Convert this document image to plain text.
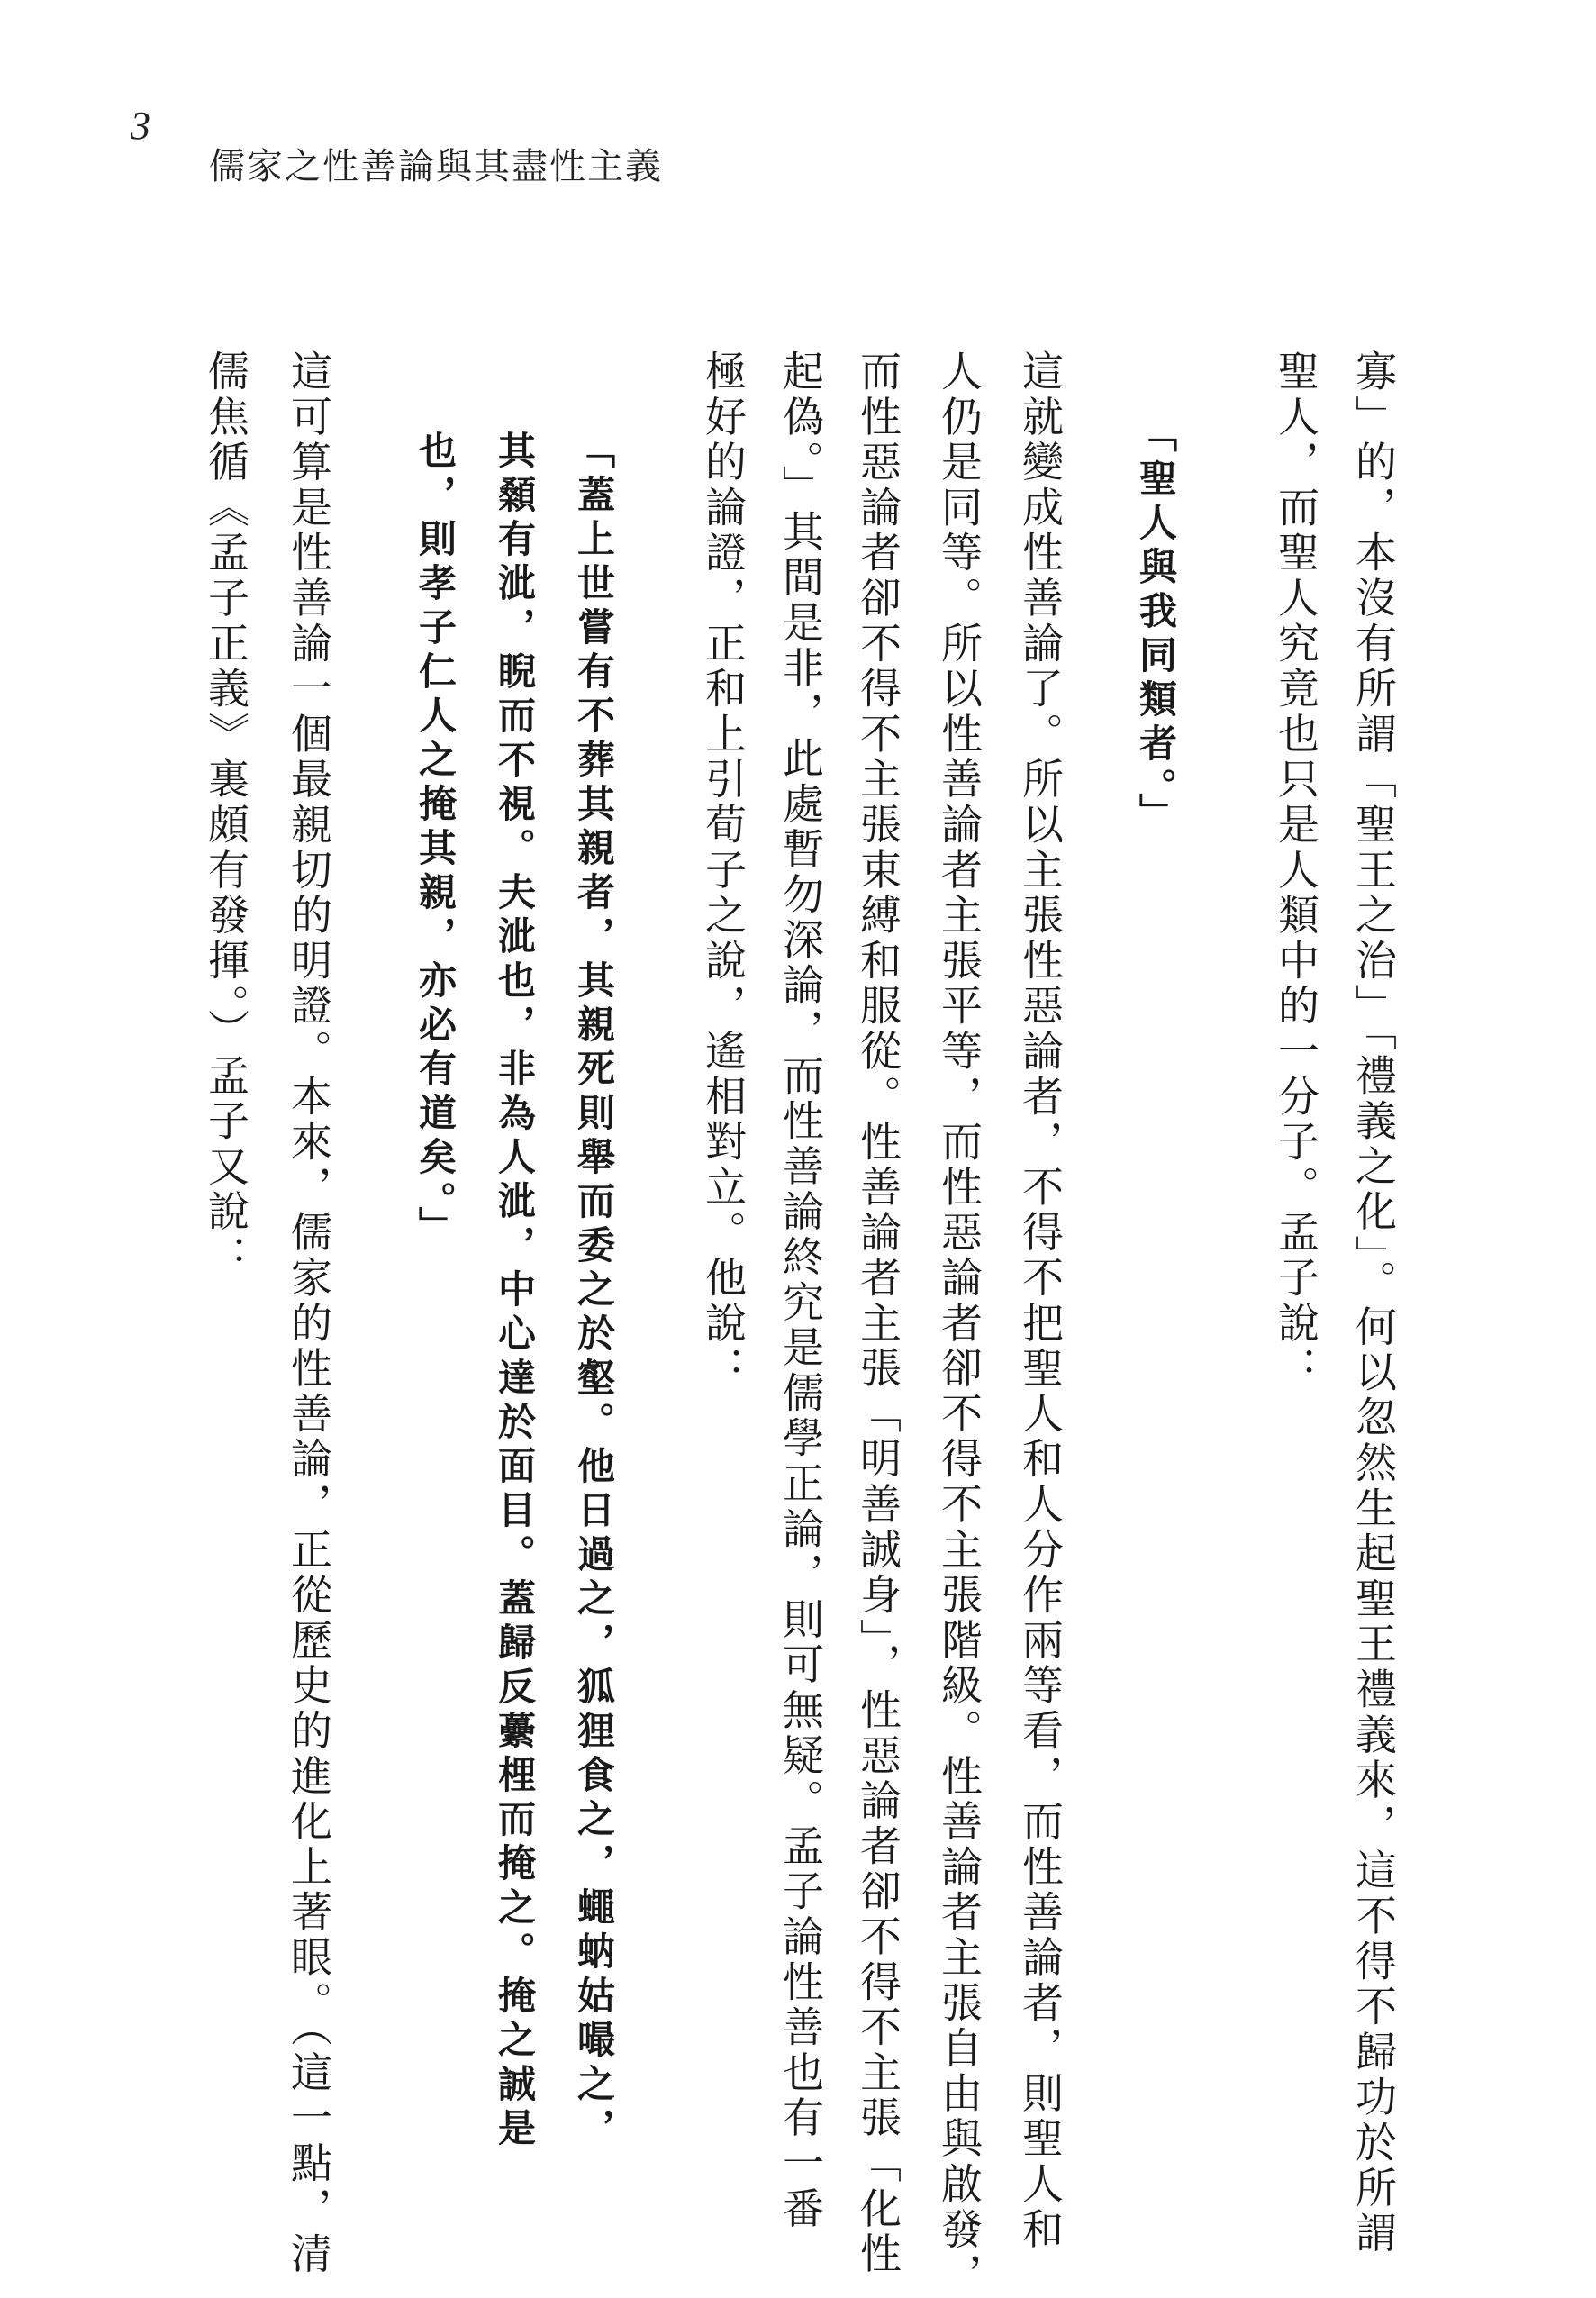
3
儒家之性善論與其盡性主義
寡」的，本沒有所謂「聖王之治」「禮義之化」。何以忽然生起聖王禮義來，這不得不歸功於所謂
聖人，而聖人究竟也只是人類中的一分子。孟子說：
「聖人與我同類者。」
這就變成性善論了。所以主張性惡論者，不得不把聖人和人分作兩等看，而性善論者，則聖人和
人仍是同等。所以性善論者主張平等，而性惡論者卻不得不主張階級。性善論者主張自由與啟發，
而性惡論者卻不得不主張束縛和服從。性善論者主張「明善誠身」，性惡論者卻不得不主張「化性
起偽。」其間是非，此處暫勿深論，而性善論終究是儒學正論，則可無疑。孟子論性善也有一番
極好的論證，正和上引荀子之說，遙相對立。他說：
「蓋上世嘗有不葬其親者，其親死則舉而委之於壑。他日過之，狐狸食之，蠅蚋姑嘬之，
其顙有泚，睨而不視。夫泚也，非為人泚，中心達於面目。蓋歸反虆梩而掩之。掩之誠是
也，則孝子仁人之掩其親，亦必有道矣。」
這可算是性善論一個最親切的明證。本來，儒家的性善論，正從歷史的進化上著眼。（這一點，清
儒焦循《孟子正義》裏頗有發揮。）孟子又說：
